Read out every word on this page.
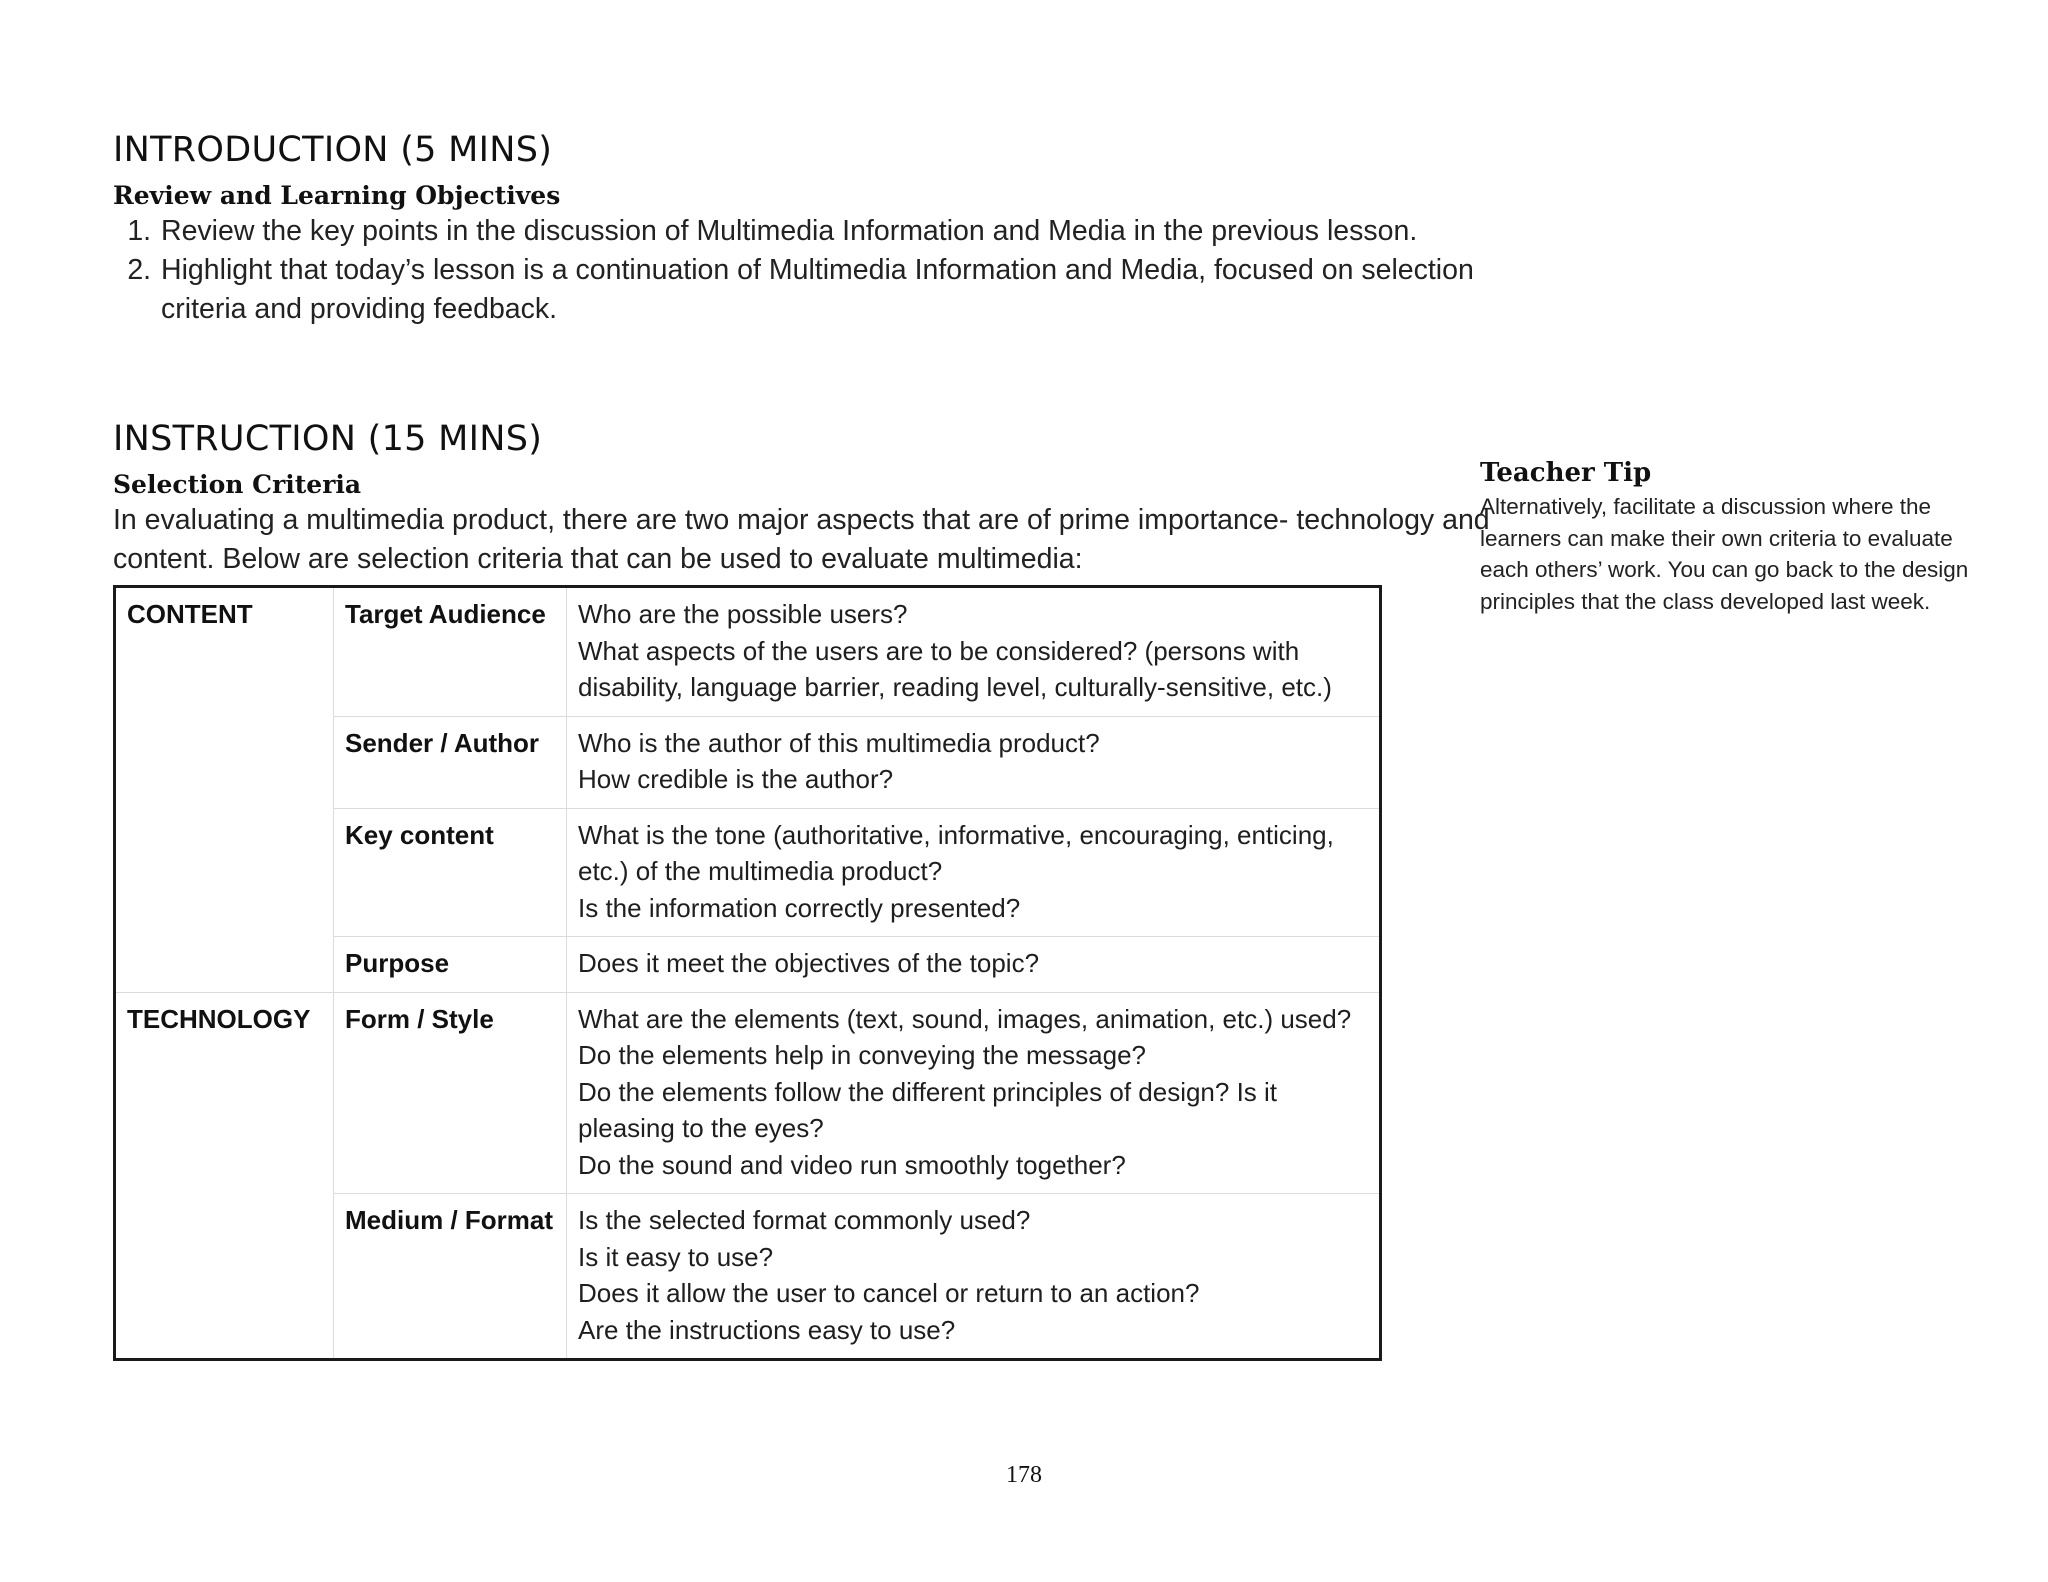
INTRODUCTION (5 MINS)
Review and Learning Objectives
1. Review the key points in the discussion of Multimedia Information and Media in the previous lesson.
2. Highlight that today’s lesson is a continuation of Multimedia Information and Media, focused on selection criteria and providing feedback.
INSTRUCTION (15 MINS)
Selection Criteria

In evaluating a multimedia product, there are two major aspects that are of prime importance- technology and content. Below are selection criteria that can be used to evaluate multimedia:

CONTENT	Target Audience	Who are the possible users?
What aspects of the users are to be considered? (persons with disability, language barrier, reading level, culturally-sensitive, etc.)

	Sender / Author	Who is the author of this multimedia product?
How credible is the author?

	Key content	What is the tone (authoritative, informative, encouraging, enticing, etc.) of the multimedia product?
Is the information correctly presented?

	Purpose	Does it meet the objectives of the topic?

TECHNOLOGY	Form / Style	What are the elements (text, sound, images, animation, etc.) used?
Do the elements help in conveying the message?
Do the elements follow the different principles of design? Is it pleasing to the eyes?
Do the sound and video run smoothly together?

	Medium / Format	Is the selected format commonly used?
Is it easy to use?
Does it allow the user to cancel or return to an action?
Are the instructions easy to use?
Teacher Tip

Alternatively, facilitate a discussion where the learners can make their own criteria to evaluate each others’ work. You can go back to the design principles that the class developed last week.

178
